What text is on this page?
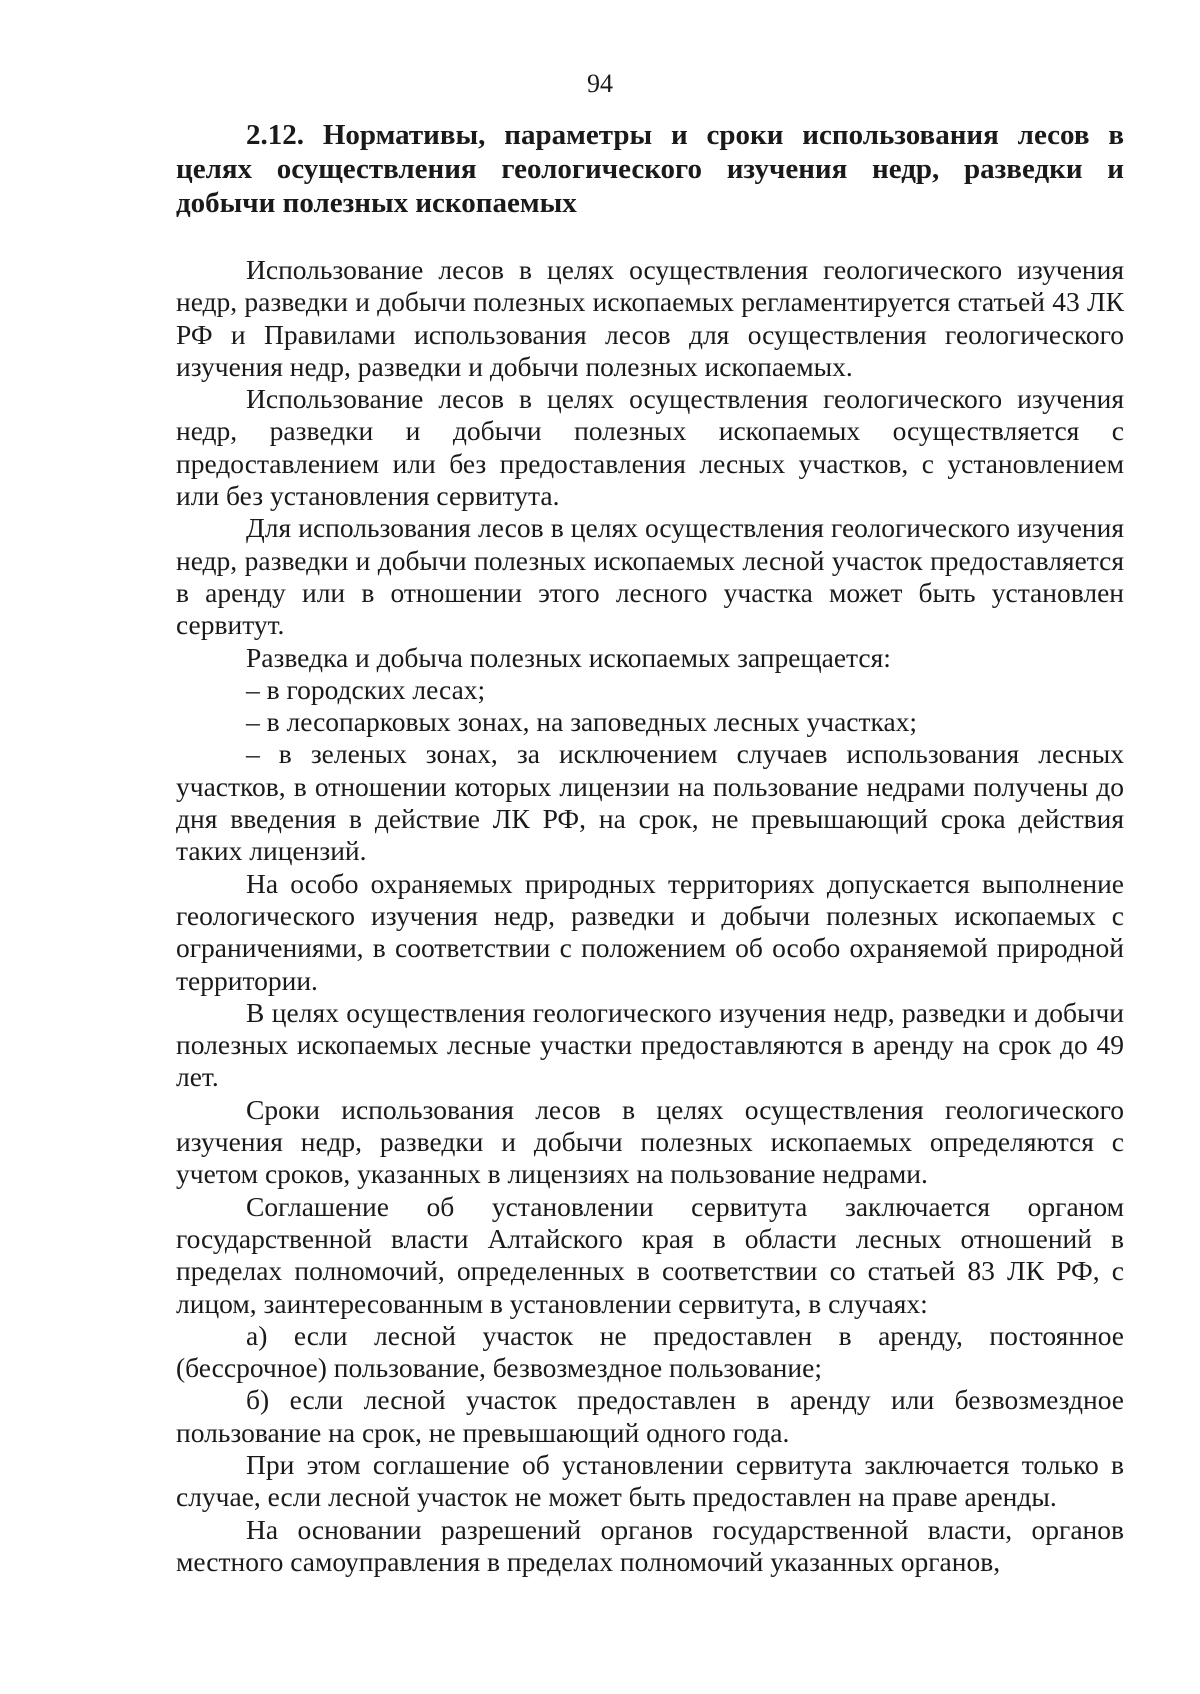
94

2.12. Нормативы, параметры и сроки использования лесов в целях осуществления геологического изучения недр, разведки и добычи полезных ископаемых

Использование лесов в целях осуществления геологического изучения недр, разведки и добычи полезных ископаемых регламентируется статьей 43 ЛК РФ и Правилами использования лесов для осуществления геологического изучения недр, разведки и добычи полезных ископаемых.

Использование лесов в целях осуществления геологического изучения недр, разведки и добычи полезных ископаемых осуществляется с предоставлением или без предоставления лесных участков, с установлением или без установления сервитута.

Для использования лесов в целях осуществления геологического изучения недр, разведки и добычи полезных ископаемых лесной участок предоставляется в аренду или в отношении этого лесного участка может быть установлен сервитут.

Разведка и добыча полезных ископаемых запрещается:

– в городских лесах;

– в лесопарковых зонах, на заповедных лесных участках;

– в зеленых зонах, за исключением случаев использования лесных участков, в отношении которых лицензии на пользование недрами получены до дня введения в действие ЛК РФ, на срок, не превышающий срока действия таких лицензий.

На особо охраняемых природных территориях допускается выполнение геологического изучения недр, разведки и добычи полезных ископаемых с ограничениями, в соответствии с положением об особо охраняемой природной территории.

В целях осуществления геологического изучения недр, разведки и добычи полезных ископаемых лесные участки предоставляются в аренду на срок до 49 лет.

Сроки использования лесов в целях осуществления геологического изучения недр, разведки и добычи полезных ископаемых определяются с учетом сроков, указанных в лицензиях на пользование недрами.

Соглашение об установлении сервитута заключается органом государственной власти Алтайского края в области лесных отношений в пределах полномочий, определенных в соответствии со статьей 83 ЛК РФ, с лицом, заинтересованным в установлении сервитута, в случаях:

а) если лесной участок не предоставлен в аренду, постоянное (бессрочное) пользование, безвозмездное пользование;

б) если лесной участок предоставлен в аренду или безвозмездное пользование на срок, не превышающий одного года.

При этом соглашение об установлении сервитута заключается только в случае, если лесной участок не может быть предоставлен на праве аренды.

На основании разрешений органов государственной власти, органов местного самоуправления в пределах полномочий указанных органов,
